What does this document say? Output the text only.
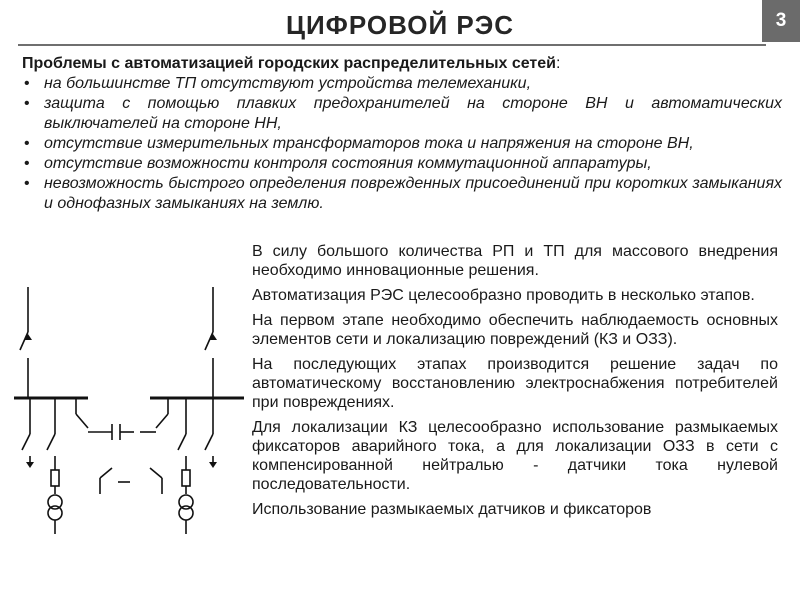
ЦИФРОВОЙ РЭС	3
Проблемы с автоматизацией городских распределительных сетей:
• на большинстве ТП отсутствуют устройства телемеханики,
• защита с помощью плавких предохранителей на стороне ВН и автоматических выключателей на стороне НН,
• отсутствие измерительных трансформаторов тока и напряжения на стороне ВН,
• отсутствие возможности контроля состояния коммутационной аппаратуры,
• невозможность быстрого определения поврежденных присоединений при коротких замыканиях и однофазных замыканиях на землю.

В силу большого количества РП и ТП для массового внедрения необходимо инновационные решения.

Автоматизация РЭС целесообразно проводить в несколько этапов.

На первом этапе необходимо обеспечить наблюдаемость основных элементов сети и локализацию повреждений (КЗ и ОЗЗ).

На последующих этапах производится решение задач по автоматическому восстановлению электроснабжения потребителей при повреждениях.

Для локализации КЗ целесообразно использование размыкаемых фиксаторов аварийного тока, а для локализации ОЗЗ в сети с компенсированной нейтралью - датчики тока нулевой последовательности.

Использование размыкаемых датчиков и фиксаторов
